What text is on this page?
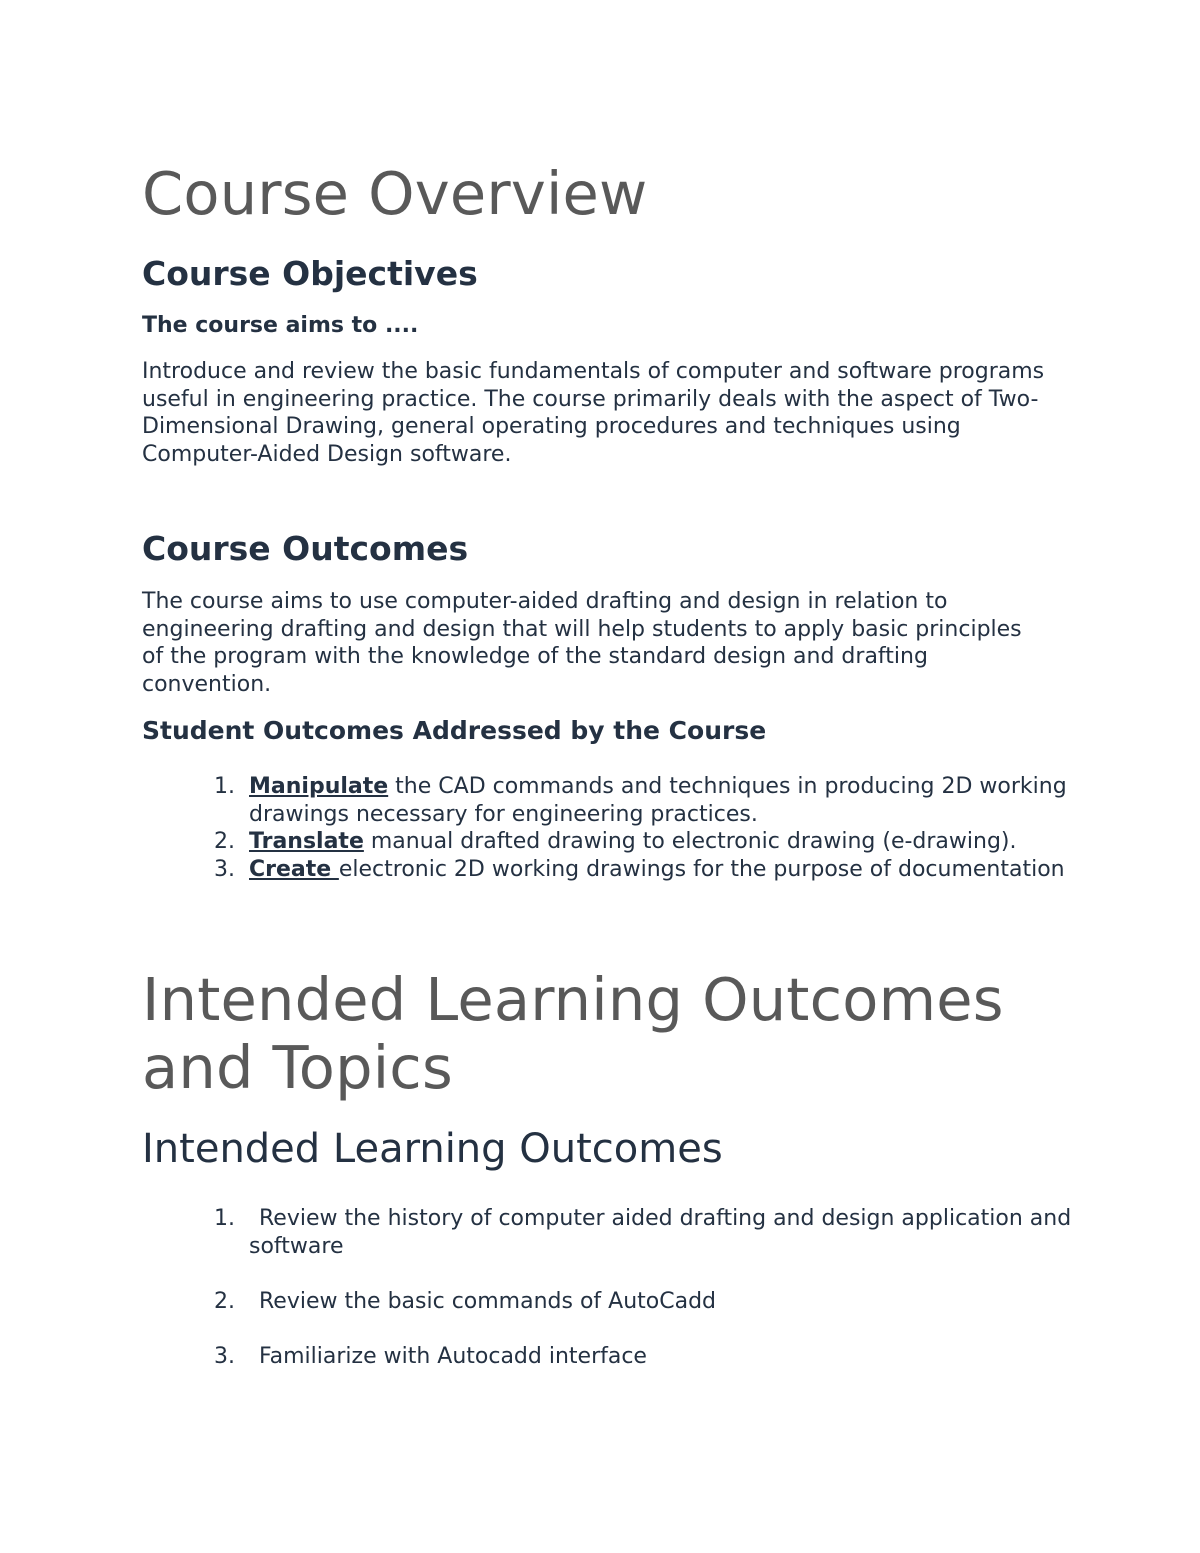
Course Overview
Course Objectives
The course aims to ....

Introduce and review the basic fundamentals of computer and software programs useful in engineering practice. The course primarily deals with the aspect of Two-Dimensional Drawing, general operating procedures and techniques using Computer-Aided Design software.

Course Outcomes

The course aims to use computer-aided drafting and design in relation to engineering drafting and design that will help students to apply basic principles of the program with the knowledge of the standard design and drafting convention.

Student Outcomes Addressed by the Course
1. Manipulate the CAD commands and techniques in producing 2D working drawings necessary for engineering practices.
2. Translate manual drafted drawing to electronic drawing (e-drawing).
3. Create electronic 2D working drawings for the purpose of documentation
Intended Learning Outcomes and Topics
Intended Learning Outcomes
1. Review the history of computer aided drafting and design application and software
2. Review the basic commands of AutoCadd
3. Familiarize with Autocadd interface
